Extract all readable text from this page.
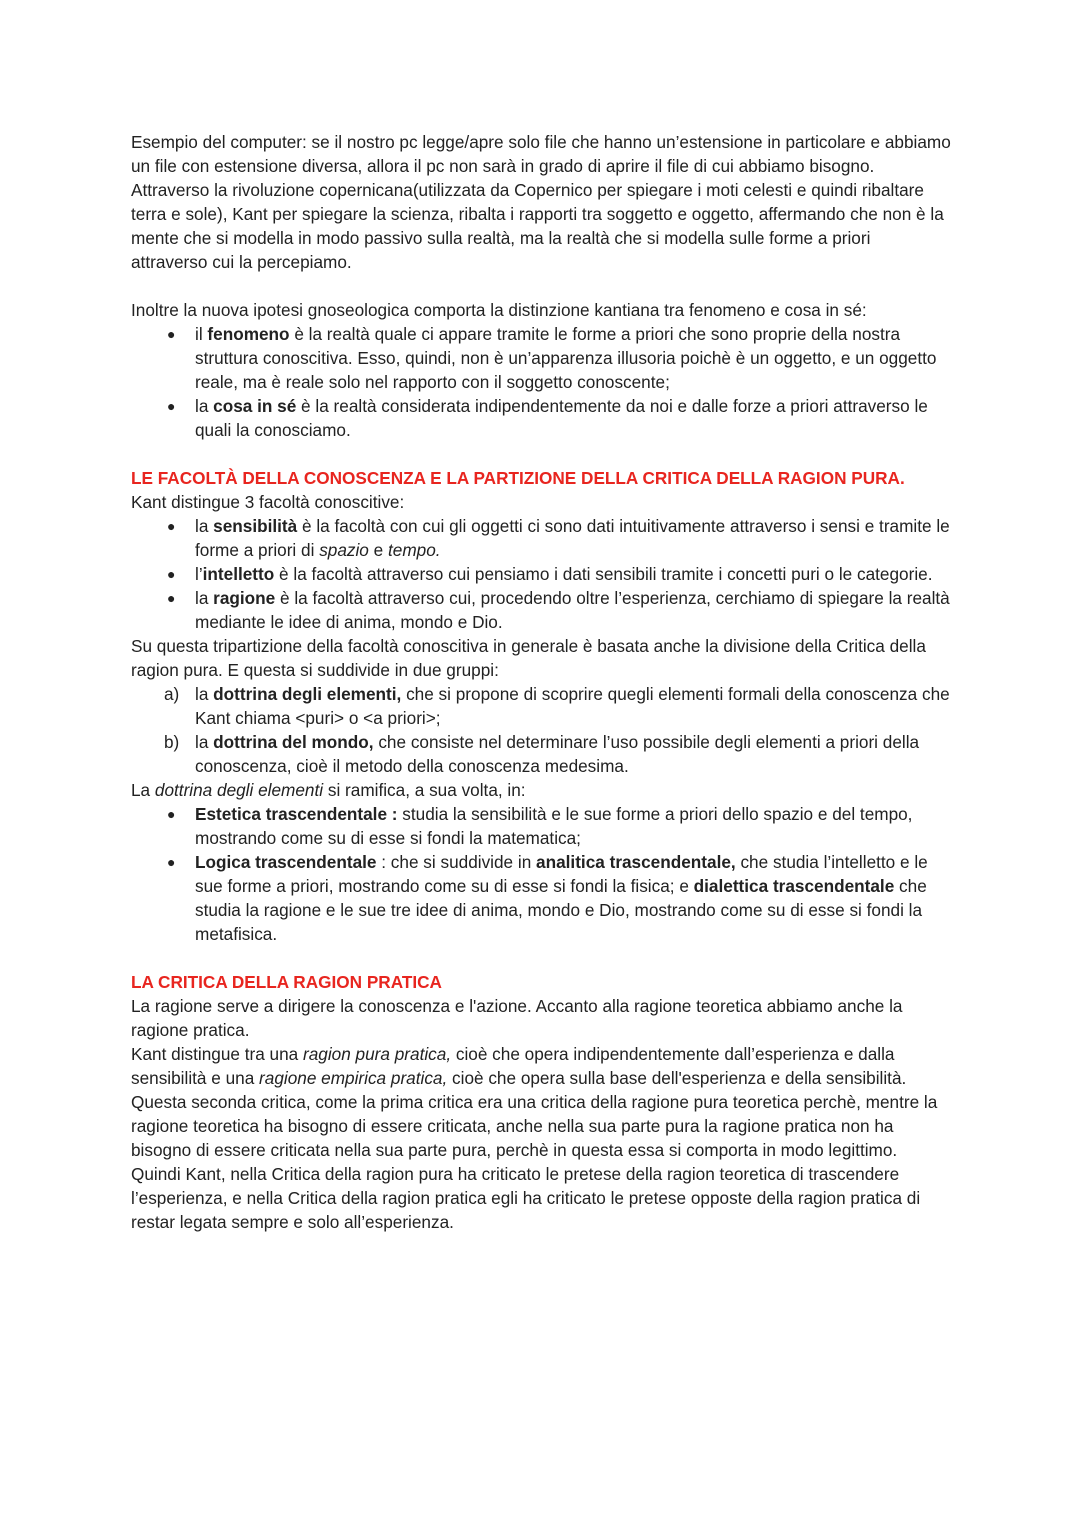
Esempio del computer: se il nostro pc legge/apre solo file che hanno un’estensione in particolare e abbiamo un file con estensione diversa, allora il pc non sarà in grado di aprire il file di cui abbiamo bisogno.

Attraverso la rivoluzione copernicana(utilizzata da Copernico per spiegare i moti celesti e quindi ribaltare terra e sole), Kant per spiegare la scienza, ribalta i rapporti tra soggetto e oggetto, affermando che non è la mente che si modella in modo passivo sulla realtà, ma la realtà che si modella sulle forme a priori attraverso cui la percepiamo.

Inoltre la nuova ipotesi gnoseologica comporta la distinzione kantiana tra fenomeno e cosa in sé:

● il fenomeno è la realtà quale ci appare tramite le forme a priori che sono proprie della nostra struttura conoscitiva. Esso, quindi, non è un’apparenza illusoria poichè è un oggetto, e un oggetto reale, ma è reale solo nel rapporto con il soggetto conoscente;
● la cosa in sé è la realtà considerata indipendentemente da noi e dalle forze a priori attraverso le quali la conosciamo.

LE FACOLTÀ DELLA CONOSCENZA E LA PARTIZIONE DELLA CRITICA DELLA RAGION PURA.

Kant distingue 3 facoltà conoscitive:

● la sensibilità è la facoltà con cui gli oggetti ci sono dati intuitivamente attraverso i sensi e tramite le forme a priori di spazio e tempo.
● l’intelletto è la facoltà attraverso cui pensiamo i dati sensibili tramite i concetti puri o le categorie.
● la ragione è la facoltà attraverso cui, procedendo oltre l’esperienza, cerchiamo di spiegare la realtà mediante le idee di anima, mondo e Dio.

Su questa tripartizione della facoltà conoscitiva in generale è basata anche la divisione della Critica della ragion pura. E questa si suddivide in due gruppi:

a) la dottrina degli elementi, che si propone di scoprire quegli elementi formali della conoscenza che Kant chiama <puri> o <a priori>;
b) la dottrina del mondo, che consiste nel determinare l’uso possibile degli elementi a priori della conoscenza, cioè il metodo della conoscenza medesima.

La dottrina degli elementi si ramifica, a sua volta, in:

● Estetica trascendentale : studia la sensibilità e le sue forme a priori dello spazio e del tempo, mostrando come su di esse si fondi la matematica;
● Logica trascendentale : che si suddivide in analitica trascendentale, che studia l’intelletto e le sue forme a priori, mostrando come su di esse si fondi la fisica; e dialettica trascendentale che studia la ragione e le sue tre idee di anima, mondo e Dio, mostrando come su di esse si fondi la metafisica.

LA CRITICA DELLA RAGION PRATICA

La ragione serve a dirigere la conoscenza e l'azione. Accanto alla ragione teoretica abbiamo anche la ragione pratica.

Kant distingue tra una ragion pura pratica, cioè che opera indipendentemente dall’esperienza e dalla sensibilità e una ragione empirica pratica, cioè che opera sulla base dell'esperienza e della sensibilità.

Questa seconda critica, come la prima critica era una critica della ragione pura teoretica perchè, mentre la ragione teoretica ha bisogno di essere criticata, anche nella sua parte pura la ragione pratica non ha bisogno di essere criticata nella sua parte pura, perchè in questa essa si comporta in modo legittimo.

Quindi Kant, nella Critica della ragion pura ha criticato le pretese della ragion teoretica di trascendere l’esperienza, e nella Critica della ragion pratica egli ha criticato le pretese opposte della ragion pratica di restar legata sempre e solo all’esperienza.
